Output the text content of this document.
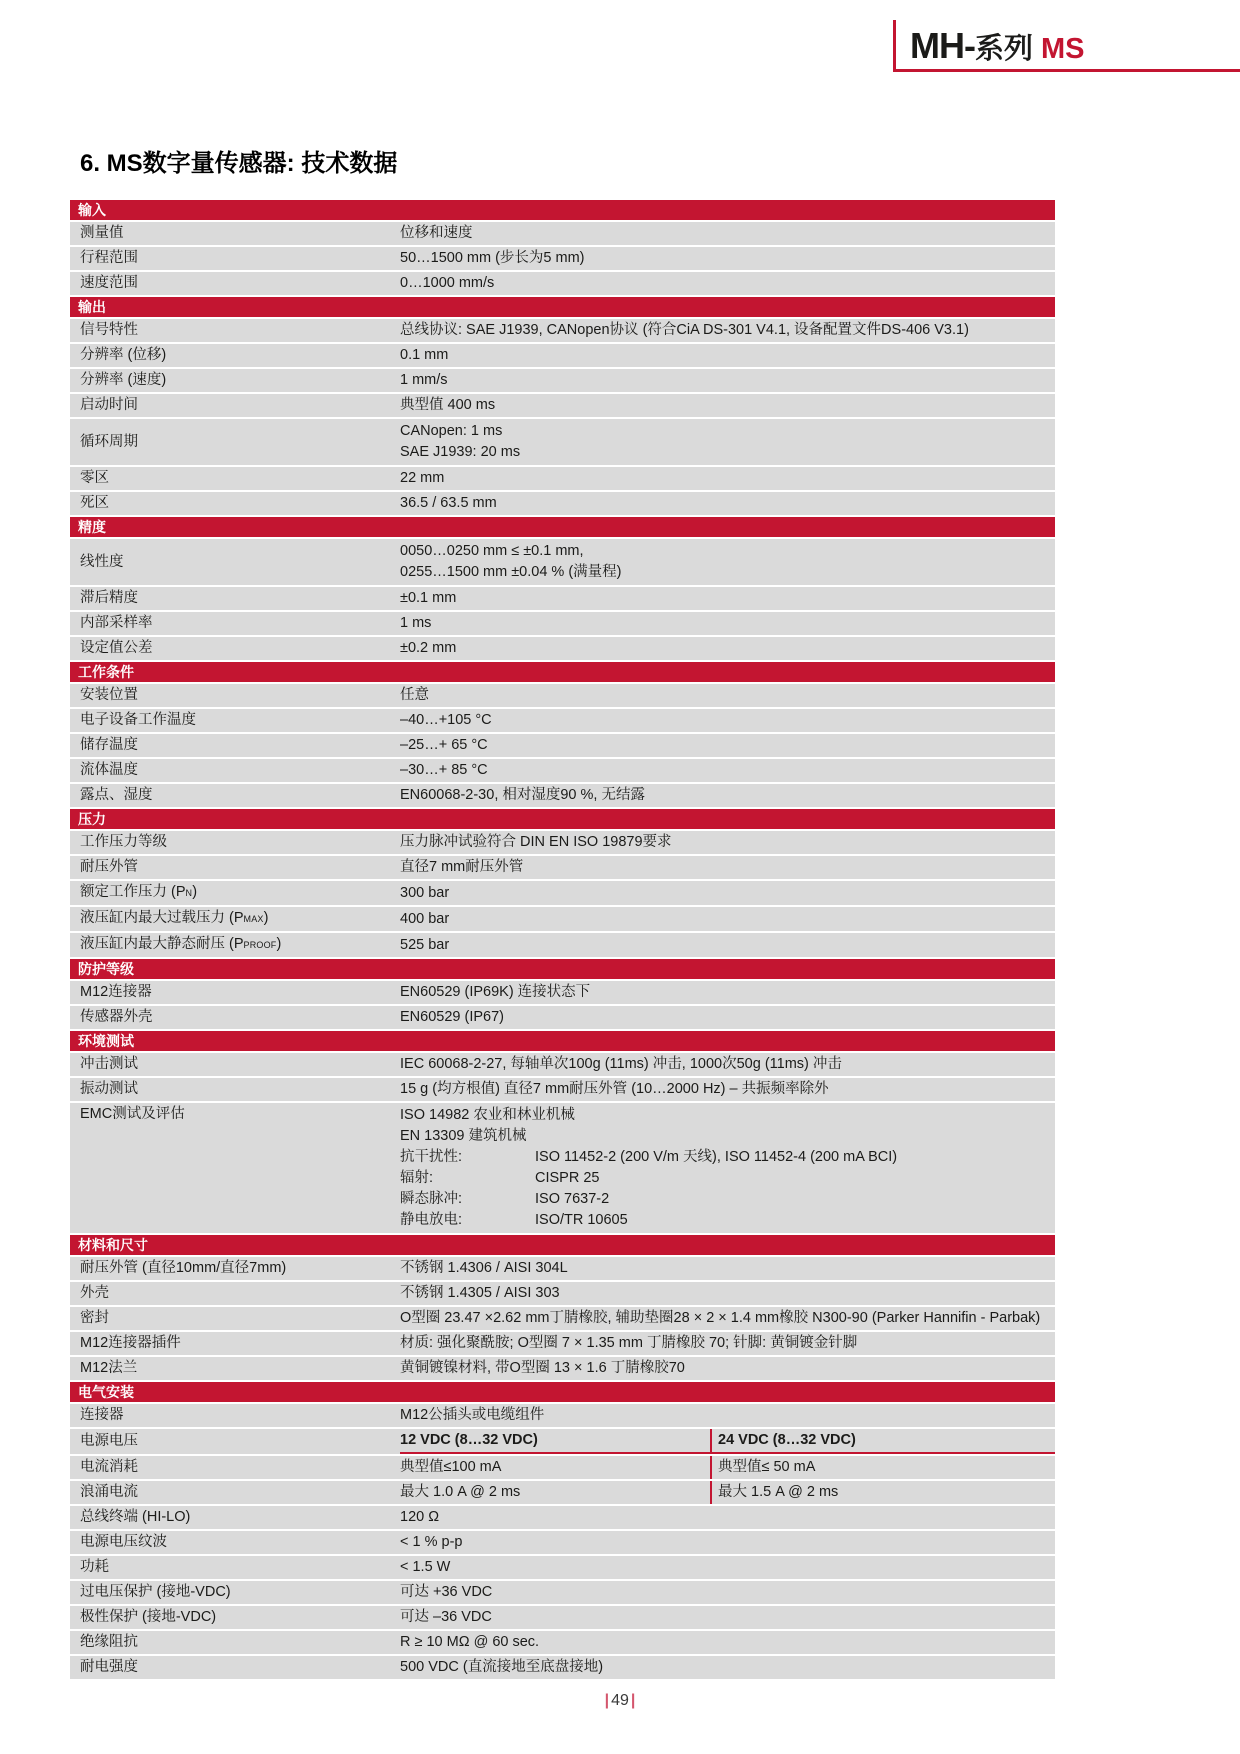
MH- 系列 MS
6. MS数字量传感器: 技术数据
输入
测量值	位移和速度
行程范围	50…1500 mm (步长为5 mm)
速度范围	0…1000 mm/s
输出
信号特性	总线协议: SAE J1939, CANopen协议 (符合CiA DS-301 V4.1, 设备配置文件DS-406 V3.1)
分辨率 (位移)	0.1 mm
分辨率 (速度)	1 mm/s
启动时间	典型值 400 ms
循环周期
CANopen: 1 ms
SAE J1939: 20 ms
零区	22 mm
死区	36.5 / 63.5 mm
精度
线性度
0050…0250 mm ≤ ±0.1 mm,
0255…1500 mm ±0.04 % (满量程)
滞后精度	±0.1 mm
内部采样率	1 ms
设定值公差	±0.2 mm
工作条件
安装位置	任意
电子设备工作温度	–40…+105 °C
储存温度	–25…+ 65 °C
流体温度	–30…+ 85 °C
露点、湿度	EN60068-2-30, 相对湿度90 %, 无结露
压力
工作压力等级	压力脉冲试验符合 DIN EN ISO 19879要求
耐压外管	直径7 mm耐压外管
额定工作压力 (PN)	300 bar
液压缸内最大过载压力 (PMAX)	400 bar
液压缸内最大静态耐压 (PPROOF)	525 bar
防护等级
M12连接器	EN60529 (IP69K) 连接状态下
传感器外壳	EN60529 (IP67)
环境测试
冲击测试	IEC 60068-2-27, 每轴单次100g (11ms) 冲击, 1000次50g (11ms) 冲击
振动测试	15 g (均方根值) 直径7 mm耐压外管 (10…2000 Hz) – 共振频率除外
EMC测试及评估	ISO 14982 农业和林业机械
EN 13309 建筑机械
抗干扰性:	ISO 11452-2 (200 V/m 天线), ISO 11452-4 (200 mA BCI)
辐射:	CISPR 25
瞬态脉冲:	ISO 7637-2
静电放电:	ISO/TR 10605
材料和尺寸
耐压外管 (直径10mm/直径7mm)	不锈钢 1.4306 / AISI 304L
外壳	不锈钢 1.4305 / AISI 303
密封	O型圈 23.47 ×2.62 mm丁腈橡胶, 辅助垫圈28 × 2 × 1.4 mm橡胶 N300-90 (Parker Hannifin - Parbak)
M12连接器插件	材质: 强化聚酰胺; O型圈 7 × 1.35 mm 丁腈橡胶 70; 针脚: 黄铜镀金针脚
M12法兰	黄铜镀镍材料, 带O型圈 13 × 1.6 丁腈橡胶70
电气安装
连接器	M12公插头或电缆组件
电源电压	12 VDC (8…32 VDC)	24 VDC (8…32 VDC)
电流消耗	典型值≤100 mA	典型值≤ 50 mA
浪涌电流	最大 1.0 A @ 2 ms	最大 1.5 A @ 2 ms
总线终端 (HI-LO)	120 Ω
电源电压纹波	< 1 % p-p
功耗	< 1.5 W
过电压保护 (接地-VDC)	可达 +36 VDC
极性保护 (接地-VDC)	可达 –36 VDC
绝缘阻抗	R ≥ 10 MΩ @ 60 sec.
耐电强度	500 VDC (直流接地至底盘接地)
| 49 |
